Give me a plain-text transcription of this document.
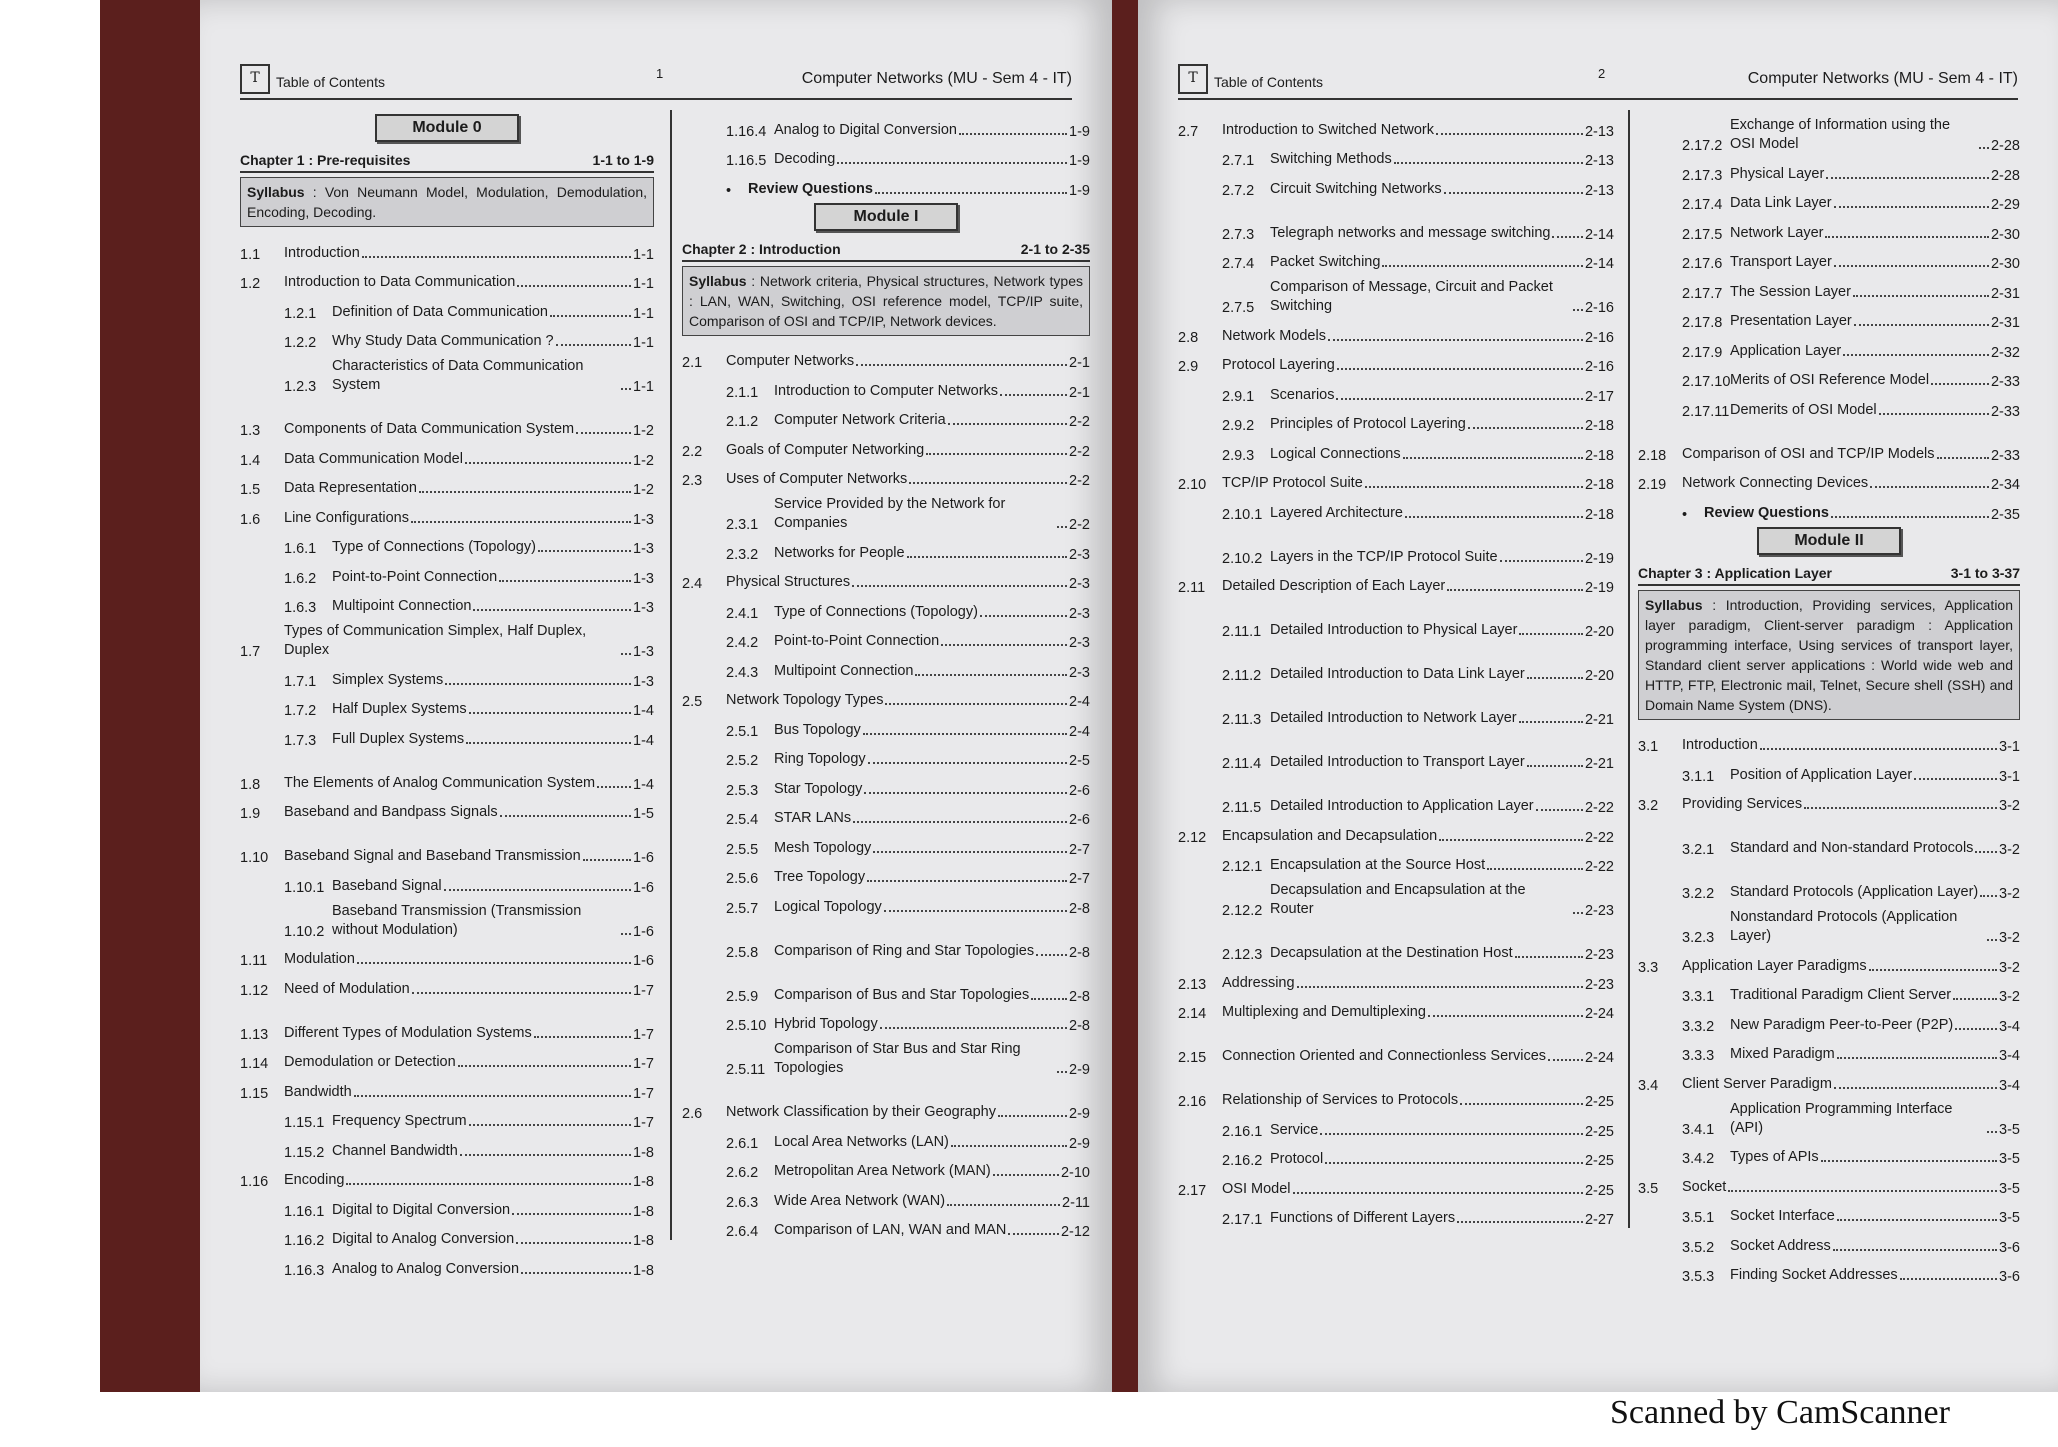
T	Table of Contents
1	Computer Networks (MU - Sem 4 - IT)
Module 0
Chapter 1 : Pre-requisites	1-1 to 1-9
Syllabus : Von Neumann Model, Modulation, Demodulation, Encoding, Decoding.
1.1	Introduction	1-1
1.2	Introduction to Data Communication	1-1
1.2.1	Definition of Data Communication	1-1
1.2.2	Why Study Data Communication ?	1-1
1.2.3
Characteristics of Data Communication System	1-1
1.3	Components of Data Communication System	1-2
1.4	Data Communication Model	1-2
1.5	Data Representation	1-2
1.6	Line Configurations	1-3
1.6.1	Type of Connections (Topology)	1-3
1.6.2	Point-to-Point Connection	1-3
1.6.3	Multipoint Connection	1-3
1.7
Types of Communication Simplex, Half Duplex, Duplex	1-3
1.7.1	Simplex Systems	1-3
1.7.2	Half Duplex Systems	1-4
1.7.3	Full Duplex Systems	1-4
1.8	The Elements of Analog Communication System	1-4
1.9	Baseband and Bandpass Signals	1-5
1.10	Baseband Signal and Baseband Transmission	1-6
1.10.1 Baseband Signal	1-6
1.10.2
Baseband Transmission (Transmission without Modulation)	1-6
1.11	Modulation	1-6
1.12	Need of Modulation	1-7
1.13	Different Types of Modulation Systems	1-7
1.14	Demodulation or Detection	1-7
1.15	Bandwidth	1-7
1.15.1 Frequency Spectrum	1-7
1.15.2 Channel Bandwidth	1-8
1.16	Encoding	1-8
1.16.1 Digital to Digital Conversion	1-8
1.16.2 Digital to Analog Conversion	1-8
1.16.3 Analog to Analog Conversion	1-8
1.16.4 Analog to Digital Conversion	1-9
1.16.5 Decoding	1-9
•	Review Questions	1-9
Module I
Chapter 2 : Introduction	2-1 to 2-35
Syllabus : Network criteria, Physical structures, Network types : LAN, WAN, Switching, OSI reference model, TCP/IP suite, Comparison of OSI and TCP/IP, Network devices.
2.1	Computer Networks	2-1
2.1.1	Introduction to Computer Networks	2-1
2.1.2	Computer Network Criteria	2-2
2.2	Goals of Computer Networking	2-2
2.3	Uses of Computer Networks	2-2
2.3.1
Service Provided by the Network for Companies	2-2
2.3.2	Networks for People	2-3
2.4	Physical Structures	2-3
2.4.1	Type of Connections (Topology)	2-3
2.4.2	Point-to-Point Connection	2-3
2.4.3	Multipoint Connection	2-3
2.5	Network Topology Types	2-4
2.5.1	Bus Topology	2-4
2.5.2	Ring Topology	2-5
2.5.3	Star Topology	2-6
2.5.4	STAR LANs	2-6
2.5.5	Mesh Topology	2-7
2.5.6	Tree Topology	2-7
2.5.7	Logical Topology	2-8
2.5.8	Comparison of Ring and Star Topologies 2-8
2.5.9	Comparison of Bus and Star Topologies	2-8
2.5.10 Hybrid Topology	2-8
2.5.11
Comparison of Star Bus and Star Ring Topologies	2-9
2.6	Network Classification by their Geography	2-9
2.6.1	Local Area Networks (LAN)	2-9
2.6.2	Metropolitan Area Network (MAN)	2-10
2.6.3	Wide Area Network (WAN)	2-11
2.6.4	Comparison of LAN, WAN and MAN	2-12
T	Table of Contents
2	Computer Networks (MU - Sem 4 - IT)
2.7	Introduction to Switched Network	2-13
2.7.1	Switching Methods	2-13
2.7.2	Circuit Switching Networks	2-13
2.7.3	Telegraph networks and message switching 2-14
2.7.4	Packet Switching	2-14
2.7.5
Comparison of Message, Circuit and Packet Switching	2-16
2.8	Network Models	2-16
2.9	Protocol Layering	2-16
2.9.1	Scenarios	2-17
2.9.2	Principles of Protocol Layering	2-18
2.9.3	Logical Connections	2-18
2.10	TCP/IP Protocol Suite	2-18
2.10.1 Layered Architecture	2-18
2.10.2 Layers in the TCP/IP Protocol Suite	2-19
2.11	Detailed Description of Each Layer	2-19
2.11.1 Detailed Introduction to Physical Layer	2-20
2.11.2 Detailed Introduction to Data Link Layer	2-20
2.11.3 Detailed Introduction to Network Layer	2-21
2.11.4 Detailed Introduction to Transport Layer	2-21
2.11.5 Detailed Introduction to Application Layer	2-22
2.12	Encapsulation and Decapsulation	2-22
2.12.1 Encapsulation at the Source Host	2-22
2.12.2
Decapsulation and Encapsulation at the Router	2-23
2.12.3 Decapsulation at the Destination Host	2-23
2.13	Addressing	2-23
2.14	Multiplexing and Demultiplexing	2-24
2.15	Connection Oriented and Connectionless Services	2-24
2.16	Relationship of Services to Protocols	2-25
2.16.1 Service	2-25
2.16.2 Protocol	2-25
2.17	OSI Model	2-25
2.17.1 Functions of Different Layers	2-27
2.17.2
Exchange of Information using the OSI Model	2-28
2.17.3 Physical Layer	2-28
2.17.4 Data Link Layer	2-29
2.17.5 Network Layer	2-30
2.17.6 Transport Layer	2-30
2.17.7 The Session Layer	2-31
2.17.8 Presentation Layer	2-31
2.17.9 Application Layer	2-32
2.17.10 Merits of OSI Reference Model	2-33
2.17.11 Demerits of OSI Model	2-33
2.18	Comparison of OSI and TCP/IP Models	2-33
2.19	Network Connecting Devices	2-34
•	Review Questions	2-35
Module II
Chapter 3 : Application Layer	3-1 to 3-37
Syllabus : Introduction, Providing services, Application layer paradigm, Client-server paradigm : Application programming interface, Using services of transport layer, Standard client server applications : World wide web and HTTP, FTP, Electronic mail, Telnet, Secure shell (SSH) and Domain Name System (DNS).
3.1	Introduction	3-1
3.1.1	Position of Application Layer	3-1
3.2	Providing Services	3-2
3.2.1	Standard and Non-standard Protocols 3-2
3.2.2	Standard Protocols (Application Layer) 3-2
3.2.3
Nonstandard Protocols (Application Layer)	3-2
3.3	Application Layer Paradigms	3-2
3.3.1	Traditional Paradigm Client Server	3-2
3.3.2	New Paradigm Peer-to-Peer (P2P)	3-4
3.3.3	Mixed Paradigm	3-4
3.4	Client Server Paradigm	3-4
3.4.1
Application Programming Interface (API)	3-5
3.4.2	Types of APIs	3-5
3.5	Socket	3-5
3.5.1	Socket Interface	3-5
3.5.2	Socket Address	3-6
3.5.3	Finding Socket Addresses	3-6
Scanned by CamScanner
